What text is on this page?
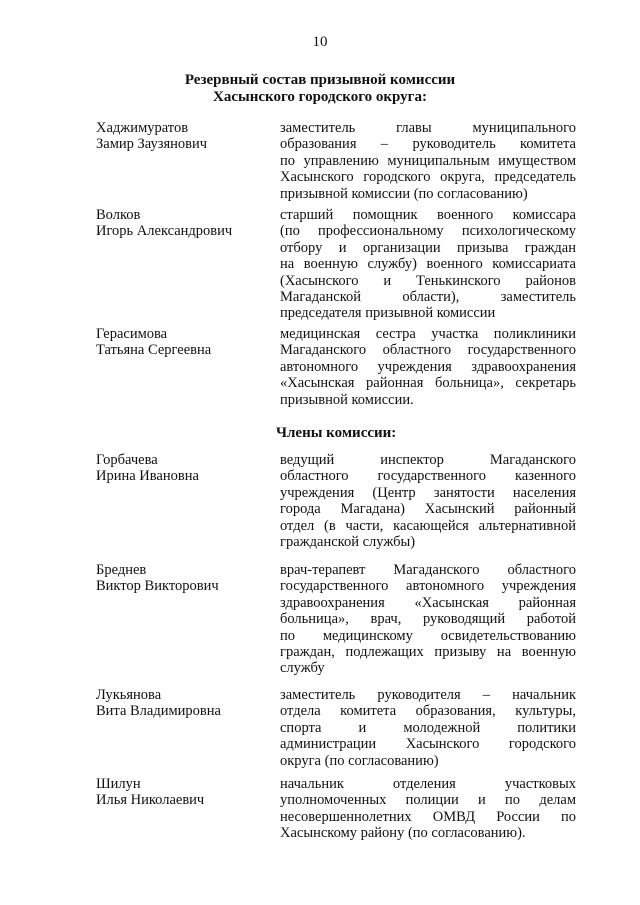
10
Резервный состав призывной комиссии
Хасынского городского округа:
Хаджимуратов
Замир Заузянович
заместитель главы муниципального
образования – руководитель комитета
по управлению муниципальным имуществом
Хасынского городского округа, председатель
призывной комиссии (по согласованию)
Волков
Игорь Александрович
старший помощник военного комиссара
(по профессиональному психологическому
отбору и организации призыва граждан
на военную службу) военного комиссариата
(Хасынского и Тенькинского районов
Магаданской области), заместитель
председателя призывной комиссии
Герасимова
Татьяна Сергеевна
медицинская сестра участка поликлиники
Магаданского областного государственного
автономного учреждения здравоохранения
«Хасынская районная больница», секретарь
призывной комиссии.
Члены комиссии:
Горбачева
Ирина Ивановна
ведущий инспектор Магаданского
областного государственного казенного
учреждения (Центр занятости населения
города Магадана) Хасынский районный
отдел (в части, касающейся альтернативной
гражданской службы)
Бреднев
Виктор Викторович
врач-терапевт Магаданского областного
государственного автономного учреждения
здравоохранения «Хасынская районная
больница», врач, руководящий работой
по медицинскому освидетельствованию
граждан, подлежащих призыву на военную
службу
Лукьянова
Вита Владимировна
заместитель руководителя – начальник
отдела комитета образования, культуры,
спорта и молодежной политики
администрации Хасынского городского
округа (по согласованию)
Шилун
Илья Николаевич
начальник отделения участковых
уполномоченных полиции и по делам
несовершеннолетних ОМВД России по
Хасынскому району (по согласованию).
